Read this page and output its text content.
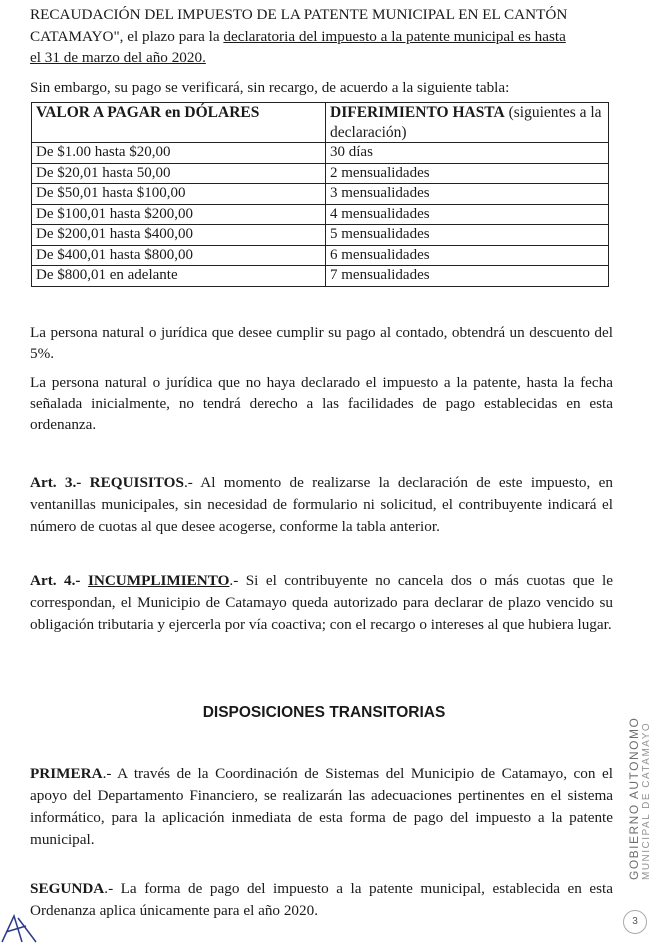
RECAUDACIÓN DEL IMPUESTO DE LA PATENTE MUNICIPAL EN EL CANTÓN
CATAMAYO", el plazo para la declaratoria del impuesto a la patente municipal es hasta
el 31 de marzo del año 2020.

Sin embargo, su pago se verificará, sin recargo, de acuerdo a la siguiente tabla:

VALOR A PAGAR en DÓLARES	DIFERIMIENTO HASTA (siguientes a la declaración)
De $1.00 hasta $20,00	30 días
De $20,01 hasta 50,00	2 mensualidades
De $50,01 hasta $100,00	3 mensualidades
De $100,01 hasta $200,00	4 mensualidades
De $200,01 hasta $400,00	5 mensualidades
De $400,01 hasta $800,00	6 mensualidades
De $800,01 en adelante	7 mensualidades

La persona natural o jurídica que desee cumplir su pago al contado, obtendrá un descuento del 5%.

La persona natural o jurídica que no haya declarado el impuesto a la patente, hasta la fecha señalada inicialmente, no tendrá derecho a las facilidades de pago establecidas en esta ordenanza.

Art. 3.- REQUISITOS.- Al momento de realizarse la declaración de este impuesto, en ventanillas municipales, sin necesidad de formulario ni solicitud, el contribuyente indicará el número de cuotas al que desee acogerse, conforme la tabla anterior.

Art. 4.- INCUMPLIMIENTO.- Si el contribuyente no cancela dos o más cuotas que le correspondan, el Municipio de Catamayo queda autorizado para declarar de plazo vencido su obligación tributaria y ejercerla por vía coactiva; con el recargo o intereses al que hubiera lugar.

DISPOSICIONES TRANSITORIAS

PRIMERA.- A través de la Coordinación de Sistemas del Municipio de Catamayo, con el apoyo del Departamento Financiero, se realizarán las adecuaciones pertinentes en el sistema informático, para la aplicación inmediata de esta forma de pago del impuesto a la patente municipal.

SEGUNDA.- La forma de pago del impuesto a la patente municipal, establecida en esta Ordenanza aplica únicamente para el año 2020.

GOBIERNO AUTONOMO MUNICIPAL DE CATAMAYO
3
